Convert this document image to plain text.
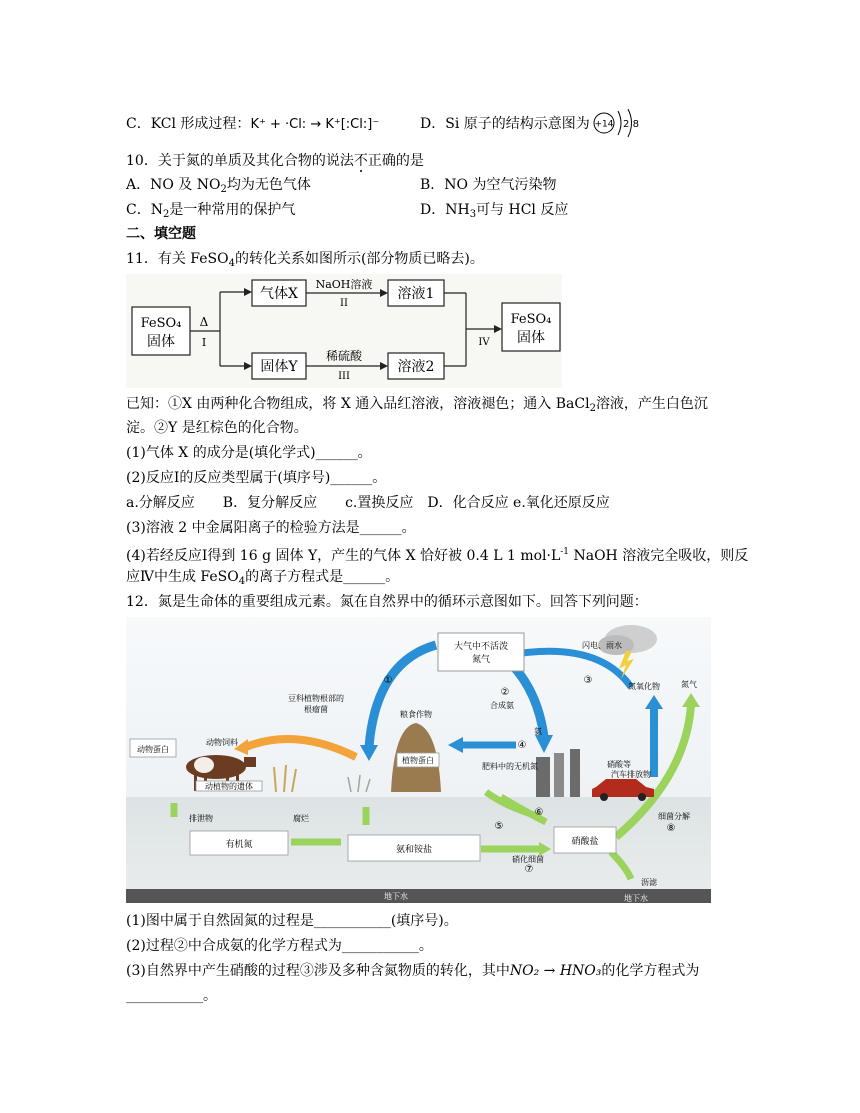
C．KCl 形成过程：K⁺ + ·Cl: → K⁺[:Cl:]⁻	D．Si 原子的结构示意图为 +14 2 8
10．关于氮的单质及其化合物的说法不正确的是
A．NO 及 $NO_2$均为无色气体	B．NO 为空气污染物
C．$N_2$是一种常用的保护气	D．$NH_3$可与 HCl 反应
二、填空题
11．有关 FeSO$_4$的转化关系如图所示(部分物质已略去)。
FeSO₄
固体
Δ
I
气体X
NaOH溶液
II
溶液1
固体Y
稀硫酸
III
溶液2
IV
FeSO₄
固体
已知：①X 由两种化合物组成，将 X 通入品红溶液，溶液褪色；通入 BaCl$_2$溶液，产生白色沉
淀。②Y 是红棕色的化合物。
(1)气体 X 的成分是(填化学式)______。
(2)反应Ⅰ的反应类型属于(填序号)______。
a.分解反应　　B．复分解反应　　c.置换反应　D．化合反应 e.氧化还原反应
(3)溶液 2 中金属阳离子的检验方法是______。
(4)若经反应Ⅰ得到 16 g 固体 Y，产生的气体 X 恰好被 0.4 L 1 $mol\cdot L^{-1}$ NaOH 溶液完全吸收，则反
应Ⅳ中生成 FeSO$_4$的离子方程式是______。
12．氮是生命体的重要组成元素。氮在自然界中的循环示意图如下。回答下列问题：
地下水	地下水
大气中不活泼
氮气
闪电、雨水
①
②
③
④
⑤
⑥
⑦
⑧
豆科植物根部的
根瘤菌	合成氨
氨
氮氧化物	氮气
粮食作物
植物蛋白
肥料中的无机氮	硝酸等
汽车排放物
动物蛋白
动物饲料
动植物的遗体
排泄物	腐烂
有机氮	氨和铵盐
硝酸盐
硝化细菌
细菌分解
沥滤
(1)图中属于自然固氮的过程是___________(填序号)。
(2)过程②中合成氨的化学方程式为___________。
(3)自然界中产生硝酸的过程③涉及多种含氮物质的转化，其中NO₂ → HNO₃的化学方程式为
___________。
